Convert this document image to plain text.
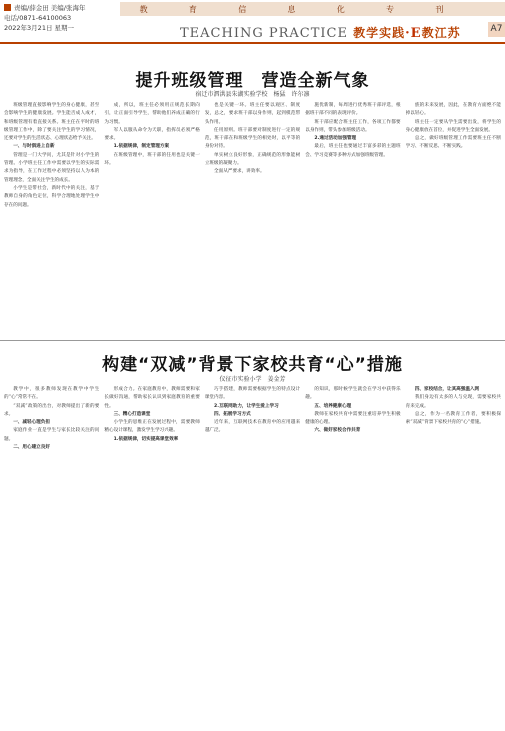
责编/薛金田 美编/张海年
电话/0871-64100063
2022年3月21日 星期一
教	育	信	息	化	专	刊
TEACHING PRACTICE 教学实践·E教江苏	A7
提升班级管理　营造全新气象
宿迁市泗洪县朱湖实验学校　杨猛　许尔凛

班级管理直接影响学生的身心健康，甚至会影响学生的健康发展。学生能否成人成才，和班级管理有着直接关系。班主任在平时的班级管理工作中，除了要关注学生的学习情况，还要对学生的生活状态、心理状态给予关注。

一、与时俱进上自新

管理是一门大学问，尤其是针对小学生的管理。小学班主任工作中需要以学生的实际需求为指导，在工作过程中必须坚持以人为本的管理理念，全面关注学生的成长。

小学生是带社会，新时代中的关注，基于教师自身的角色定位，科学合理地处理学生中存在的问题。

成，所以，班主任必须用正规范长期向引，让正面引导学生，帮助他们养成正确的行为习惯。

军人以服从命令为天职，指挥员必须严格要求。

1.依据规律，制定管理方案

在班级管理中，班干部的任用也是关键一环。

也是关键一环。班主任要以观区、制度发，总之，要求班干部以身作则，起到模范带头作用。

任用原则。班干部要对制度进行一定的规范，班干部在和班级学生的相处时，以平等的身份对待。

单实树立良好形象，正确规范的形象能树立班级的凝聚力。

全面从严要求，讲效率。

施优新制，每周进行优秀班干部评选，根据班干部不同的表现评价。

班干部应配合班主任工作，各项工作都要以身作则，带头参加班级活动。

2.通过活动加强管理

最后，班主任也要通过丰富多彩的主题班会、学习竞赛等多种方式加强班级管理。

族的未来发展，因此，在教育方面绝不能掉以轻心。

班主任一定要从学生需要出发，将学生的身心健康放在首位，并促进学生全面发展。

总之，做好班级管理工作需要班主任不断学习、不断反思、不断实践。

构建“双减”背景下家校共育“心”措施
仪征市实验小学　姜金芳

教学中，很多教师发现在教学中学生的“心”常常不在。

“双减”政策的出台，对教师提出了新的要求。

一、减轻心理负担

家庭作业一直是学生与家长比较关注的问题。

二、用心建立良好

形成合力。在家庭教育中，教师需要和家长做好沟通，帮助家长认识到家庭教育的重要性。

三、精心打造课堂

小学生的思维正在发展过程中，需要教师精心设计课程，激发学生学习兴趣。

1.依据规律，切实提高课堂效率

巧手搭建，教师需要根据学生的特点设计课堂内容。

2.互联网助力，让学生爱上学习

四、拓展学习方式

近年来，互联网技术在教育中的应用越来越广泛。

的知识，那时候学生就会在学习中获得乐趣。

五、培养健康心理

教师在家校共育中需要注重培养学生积极健康的心理。

六、做好家校合作共育

四、家校结合，让其高强温入网

我们身边有太多的人与兑现，需要家校共育来完成。

总之，作为一名教育工作者，要积极探索“双减”背景下家校共育的“心”措施。
